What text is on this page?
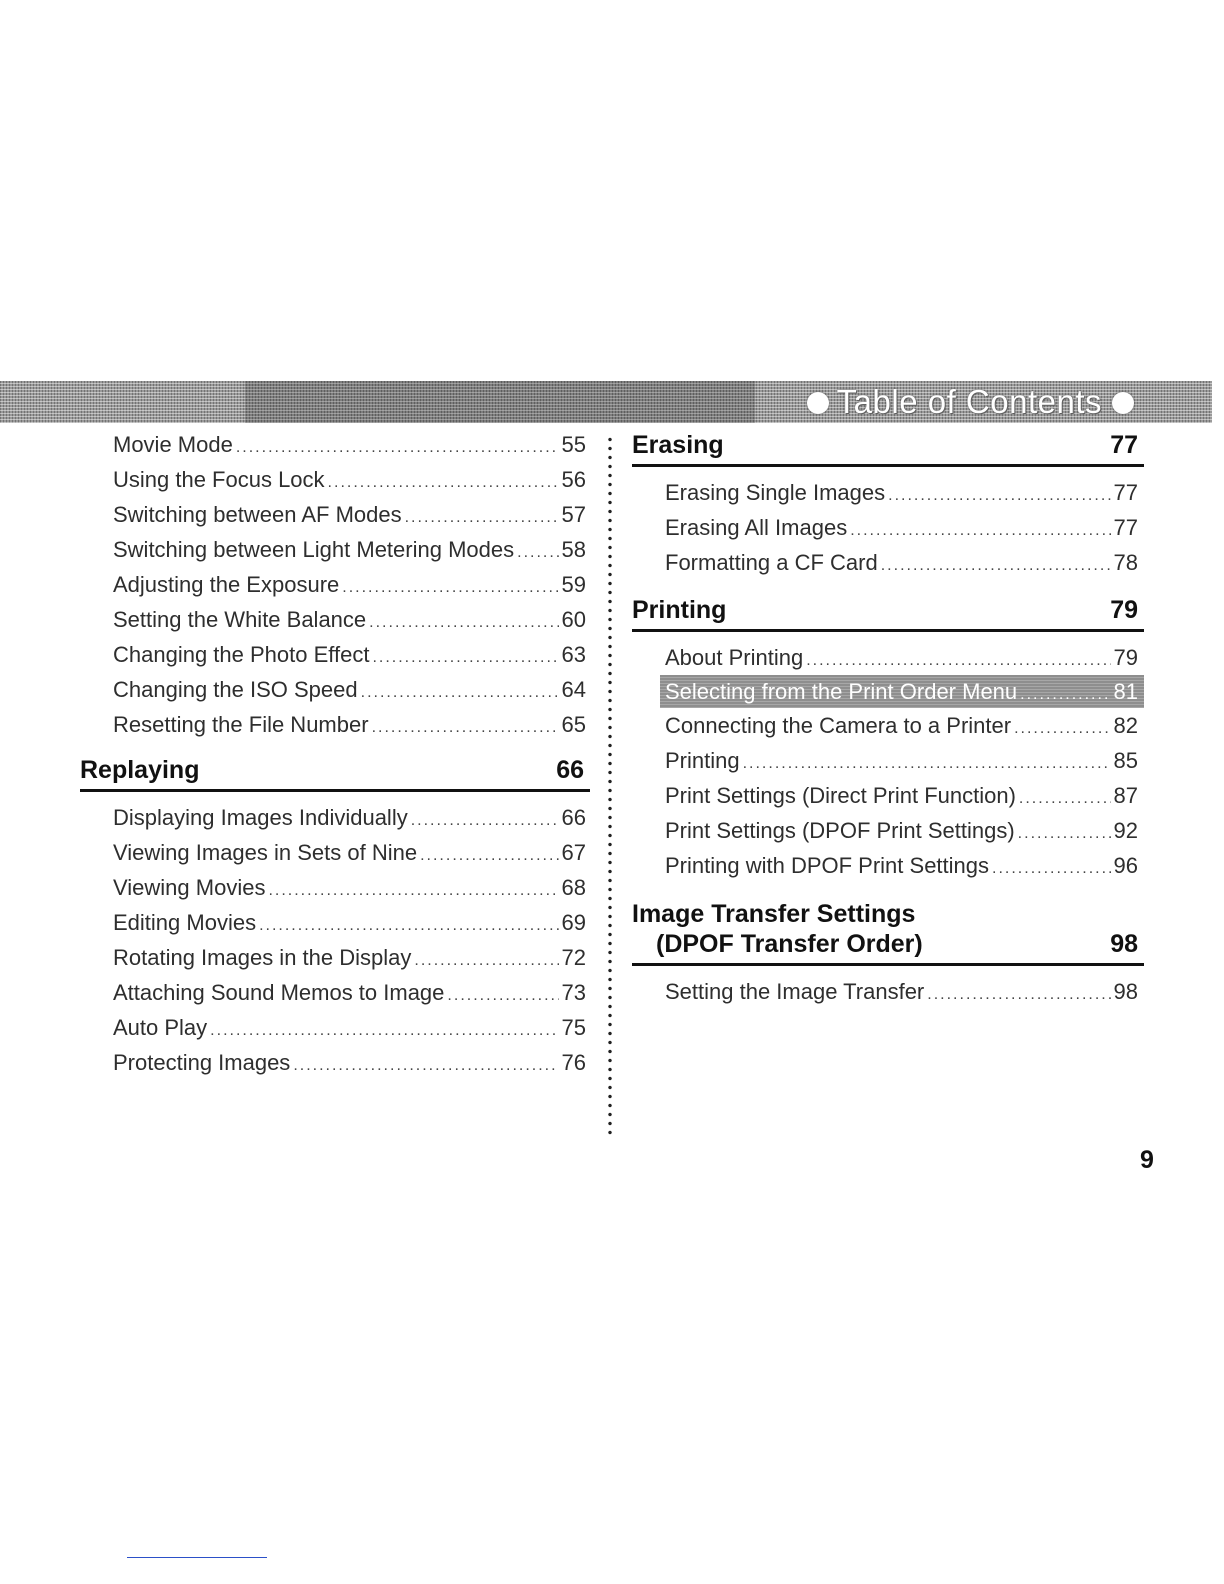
Table of Contents
Movie Mode .....	55
Using the Focus Lock .....	56
Switching between AF Modes .....	57
Switching between Light Metering Modes ..... 58
Adjusting the Exposure .....	59
Setting the White Balance .....	60
Changing the Photo Effect .....	63
Changing the ISO Speed .....	64
Resetting the File Number .....	65
Replaying	66
Displaying Images Individually .....	66
Viewing Images in Sets of Nine .....	67
Viewing Movies .....	68
Editing Movies .....	69
Rotating Images in the Display .....	72
Attaching Sound Memos to Image .....	73
Auto Play .....	75
Protecting Images .....	76
Erasing	77
Erasing Single Images .....	77
Erasing All Images .....	77
Formatting a CF Card .....	78
Printing	79
About Printing .....	79
Selecting from the Print Order Menu .....	81
Connecting the Camera to a Printer .....	82
Printing .....	85
Print Settings (Direct Print Function) .....	87
Print Settings (DPOF Print Settings) .....	92
Printing with DPOF Print Settings .....	96
Image Transfer Settings
(DPOF Transfer Order)	98
Setting the Image Transfer .....	98
9
